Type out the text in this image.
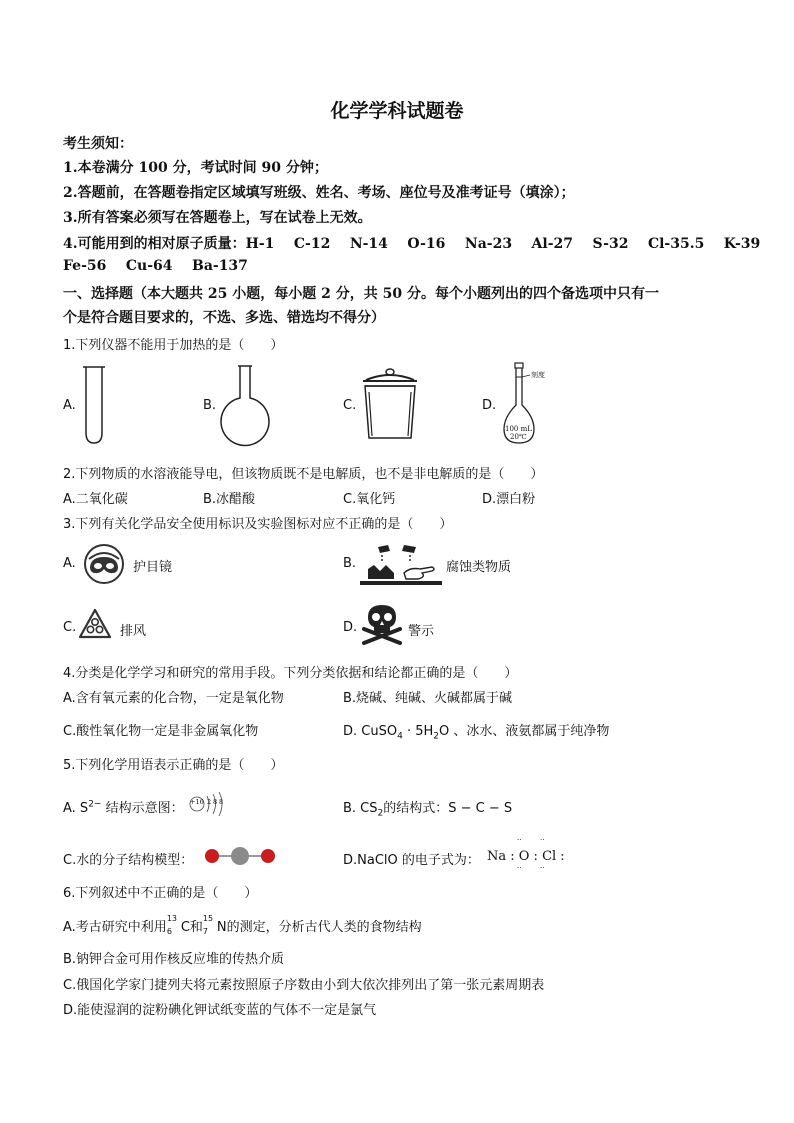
化学学科试题卷
考生须知：
1.本卷满分 100 分，考试时间 90 分钟；
2.答题前，在答题卷指定区域填写班级、姓名、考场、座位号及准考证号（填涂）；
3.所有答案必须写在答题卷上，写在试卷上无效。
4.可能用到的相对原子质量：H-1    C-12    N-14    O-16    Na-23    Al-27    S-32    Cl-35.5    K-39
Fe-56    Cu-64    Ba-137
一、选择题（本大题共 25 小题，每小题 2 分，共 50 分。每个小题列出的四个备选项中只有一
个是符合题目要求的，不选、多选、错选均不得分）
1.下列仪器不能用于加热的是（　　）
A.	B.	C.	D.
刻度
100 mL
20℃
2.下列物质的水溶液能导电，但该物质既不是电解质，也不是非电解质的是（　　）
A.二氧化碳	B.冰醋酸	C.氧化钙	D.漂白粉
3.下列有关化学品安全使用标识及实验图标对应不正确的是（　　）
A.	护目镜	B.	腐蚀类物质
C.	排风	D.	警示
4.分类是化学学习和研究的常用手段。下列分类依据和结论都正确的是（　　）
A.含有氧元素的化合物，一定是氧化物	B.烧碱、纯碱、火碱都属于碱
C.酸性氧化物一定是非金属氧化物	D. CuSO$_4$ · $5H_2O$ 、冰水、液氨都属于纯净物
5.下列化学用语表示正确的是（　　）
A. $S^{2-}$ 结构示意图： +16 2 8 8	B. $CS_2$的结构式：S − C − S
C.水的分子结构模型：	D.NaClO 的电子式为： Na : O : Cl :
··
··
··
··
6.下列叙述中不正确的是（　　）
A.考古研究中利用
13
6 C和
15
7 N的测定，分析古代人类的食物结构
B.钠钾合金可用作核反应堆的传热介质
C.俄国化学家门捷列夫将元素按照原子序数由小到大依次排列出了第一张元素周期表
D.能使湿润的淀粉碘化钾试纸变蓝的气体不一定是氯气
